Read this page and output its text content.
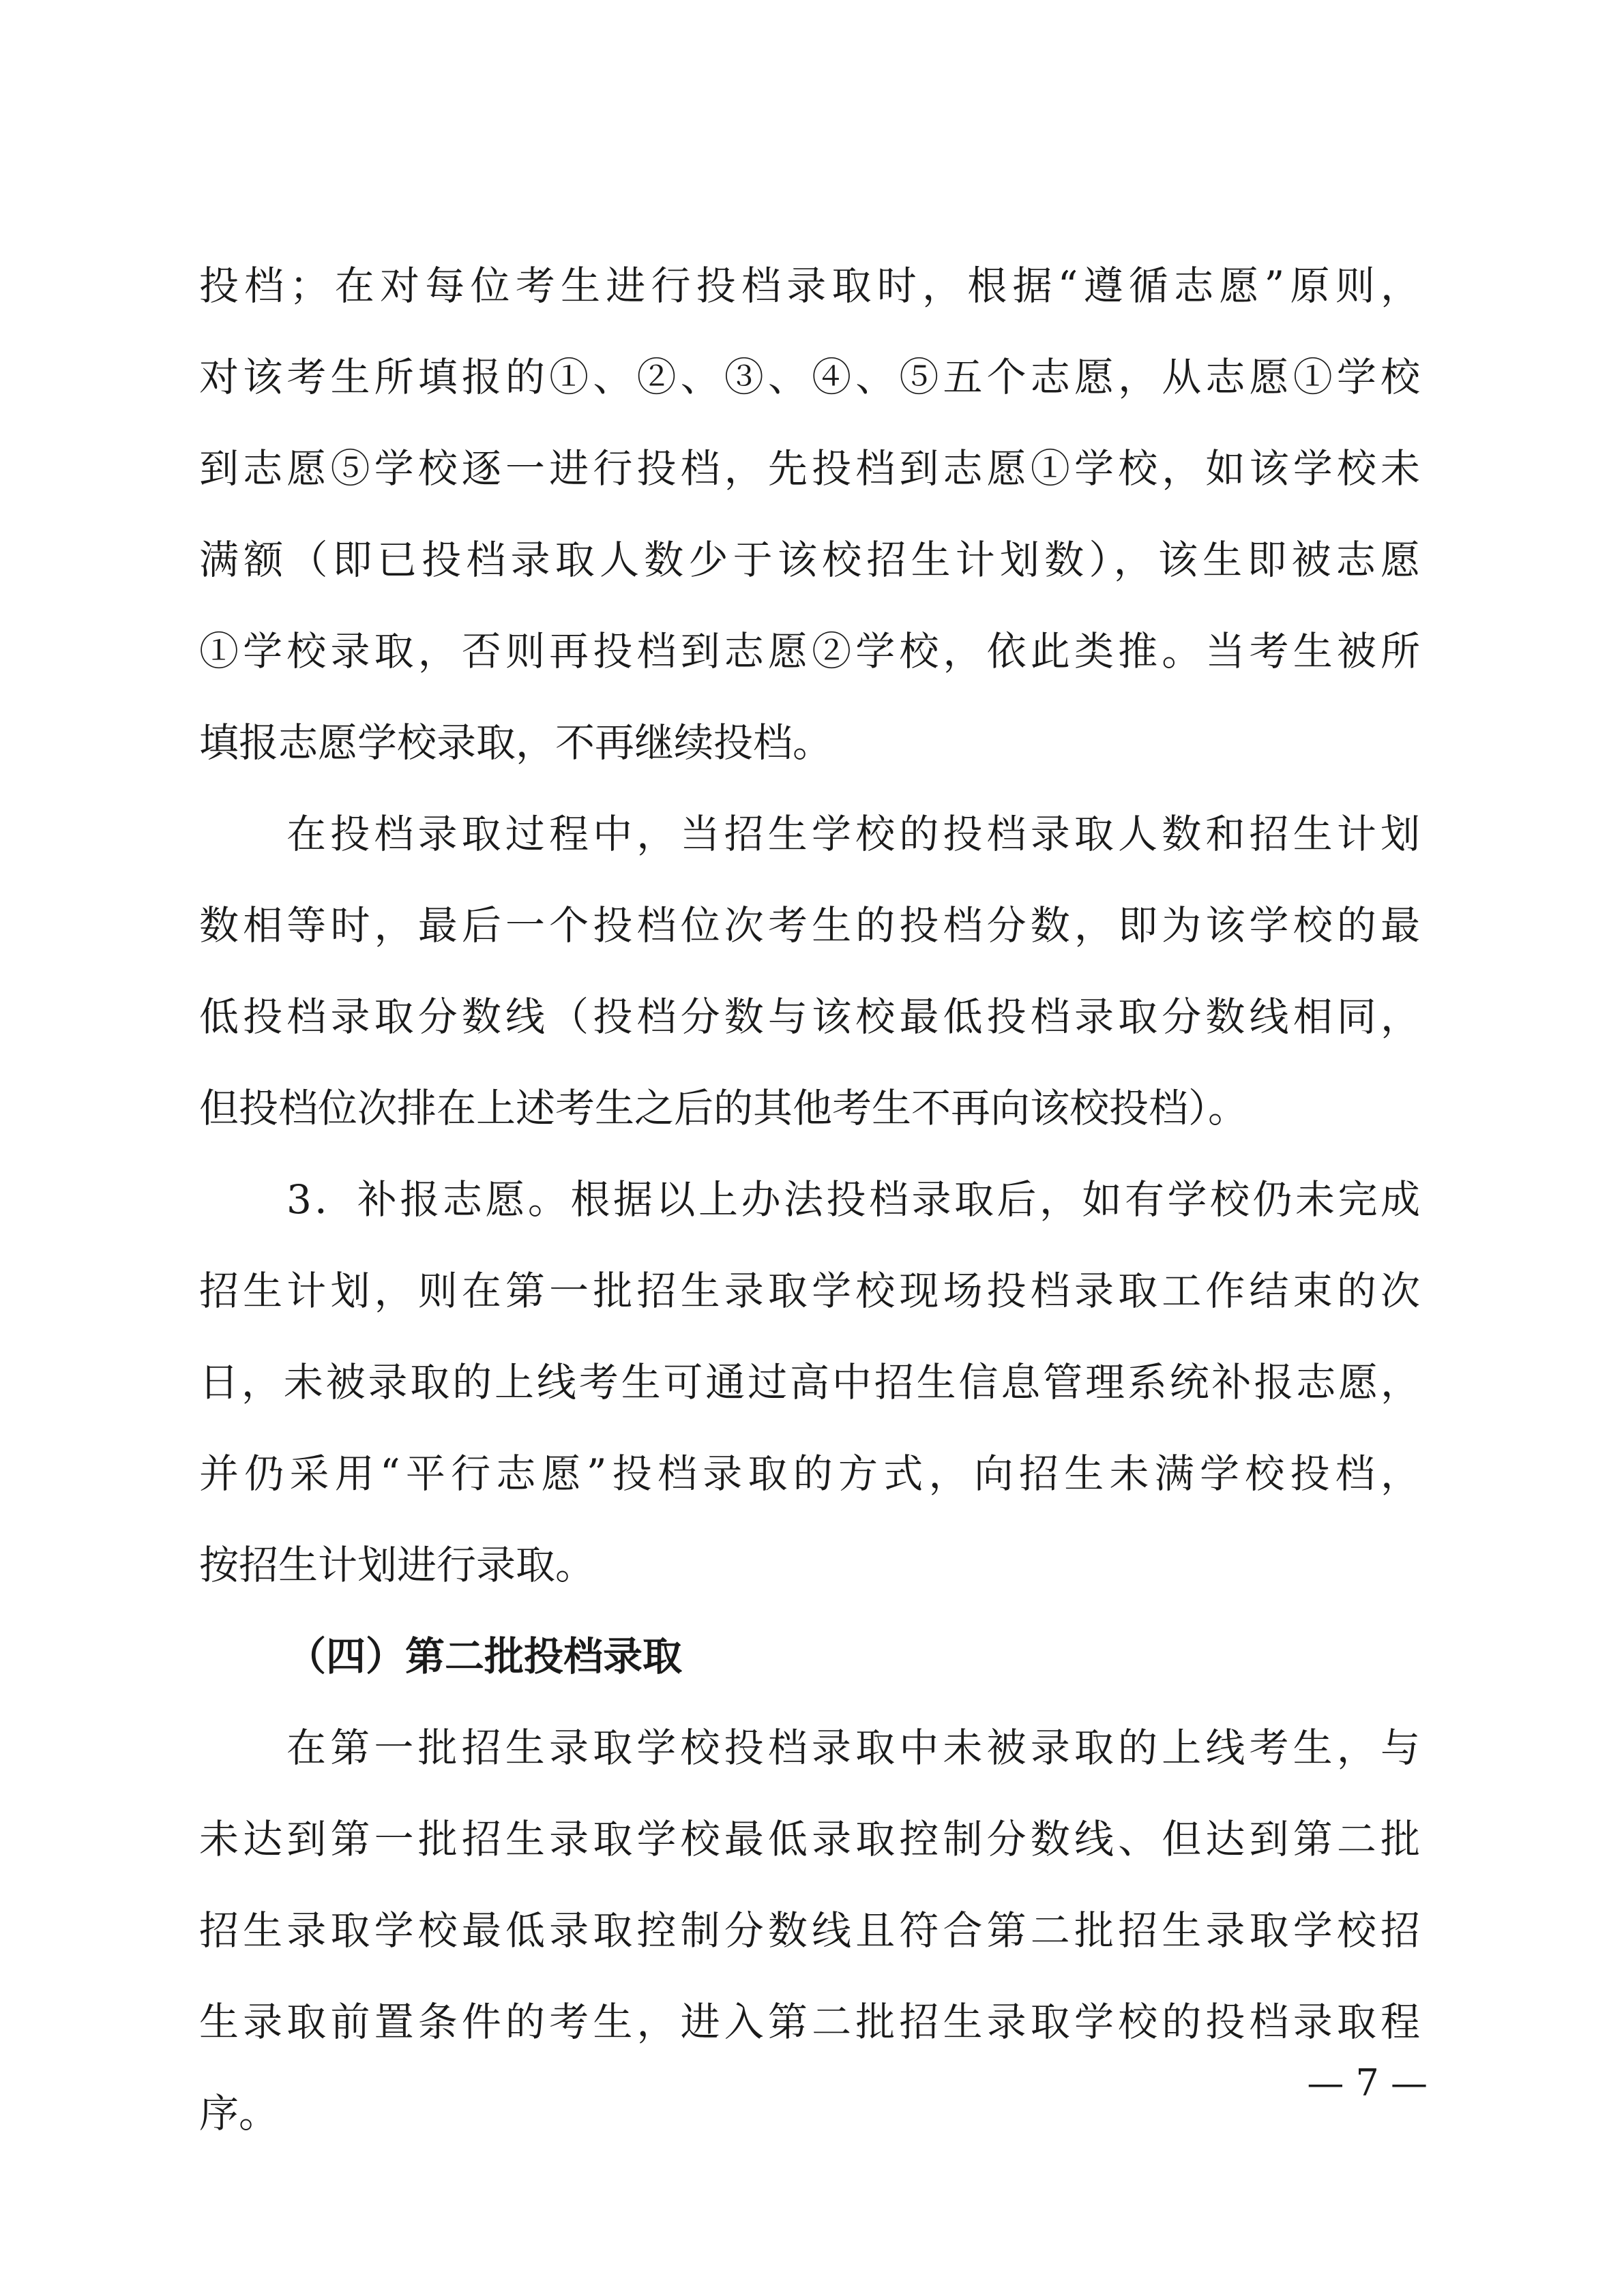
投档；在对每位考生进行投档录取时，根据“遵循志愿”原则，
对该考生所填报的①、②、③、④、⑤五个志愿，从志愿①学校
到志愿⑤学校逐一进行投档，先投档到志愿①学校，如该学校未
满额（即已投档录取人数少于该校招生计划数），该生即被志愿
①学校录取，否则再投档到志愿②学校，依此类推。当考生被所
填报志愿学校录取，不再继续投档。
在投档录取过程中，当招生学校的投档录取人数和招生计划
数相等时，最后一个投档位次考生的投档分数，即为该学校的最
低投档录取分数线（投档分数与该校最低投档录取分数线相同，
但投档位次排在上述考生之后的其他考生不再向该校投档）。
3．补报志愿。根据以上办法投档录取后，如有学校仍未完成
招生计划，则在第一批招生录取学校现场投档录取工作结束的次
日，未被录取的上线考生可通过高中招生信息管理系统补报志愿，
并仍采用“平行志愿”投档录取的方式，向招生未满学校投档，
按招生计划进行录取。
（四）第二批投档录取
在第一批招生录取学校投档录取中未被录取的上线考生，与
未达到第一批招生录取学校最低录取控制分数线、但达到第二批
招生录取学校最低录取控制分数线且符合第二批招生录取学校招
生录取前置条件的考生，进入第二批招生录取学校的投档录取程
序。
— 7 —
